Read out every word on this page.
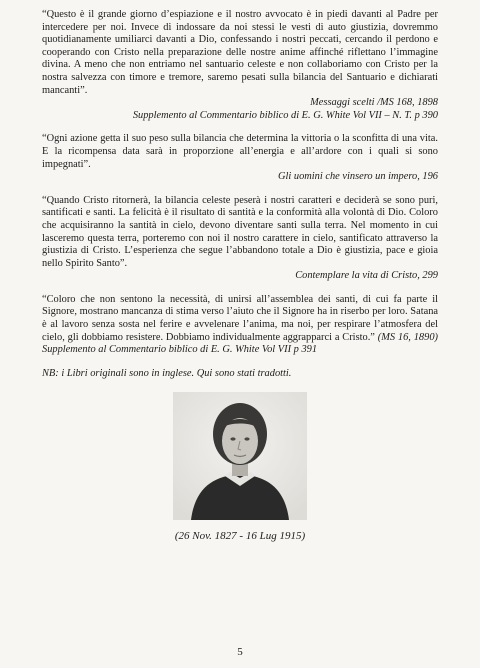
“Questo è il grande giorno d’espiazione e il nostro avvocato è in piedi davanti al Padre per intercedere per noi. Invece di indossare da noi stessi le vesti di auto giustizia, dovremmo quotidianamente umiliarci davanti a Dio, confessando i nostri peccati, cercando il perdono e cooperando con Cristo nella preparazione delle nostre anime affinché riflettano l’immagine divina. A meno che non entriamo nel santuario celeste e non collaboriamo con Cristo per la nostra salvezza con timore e tremore, saremo pesati sulla bilancia del Santuario e dichiarati mancanti”.

Messaggi scelti /MS 168, 1898

Supplemento al Commentario biblico di E. G. White Vol VII – N. T. p 390

“Ogni azione getta il suo peso sulla bilancia che determina la vittoria o la sconfitta di una vita. E la ricompensa data sarà in proporzione all’energia e all’ardore con i quali si sono impegnati”.

Gli uomini che vinsero un impero, 196

“Quando Cristo ritornerà, la bilancia celeste peserà i nostri caratteri e deciderà se sono puri, santificati e santi. La felicità è il risultato di santità e la conformità alla volontà di Dio. Coloro che acquisiranno la santità in cielo, devono diventare santi sulla terra. Nel momento in cui lasceremo questa terra, porteremo con noi il nostro carattere in cielo, santificato attraverso la giustizia di Cristo. L’esperienza che segue l’abbandono totale a Dio è giustizia, pace e gioia nello Spirito Santo”.

Contemplare la vita di Cristo, 299

“Coloro che non sentono la necessità, di unirsi all’assemblea dei santi, di cui fa parte il Signore, mostrano mancanza di stima verso l’aiuto che il Signore ha in riserbo per loro. Satana è al lavoro senza sosta nel ferire e avvelenare l’anima, ma noi, per respirare l’atmosfera del cielo, gli dobbiamo resistere. Dobbiamo individualmente aggrapparci a Cristo.” (MS 16, 1890) Supplemento al Commentario biblico di E. G. White Vol VII p 391

NB: i Libri originali sono in inglese. Qui sono stati tradotti.

(26 Nov. 1827 - 16 Lug 1915)
5
